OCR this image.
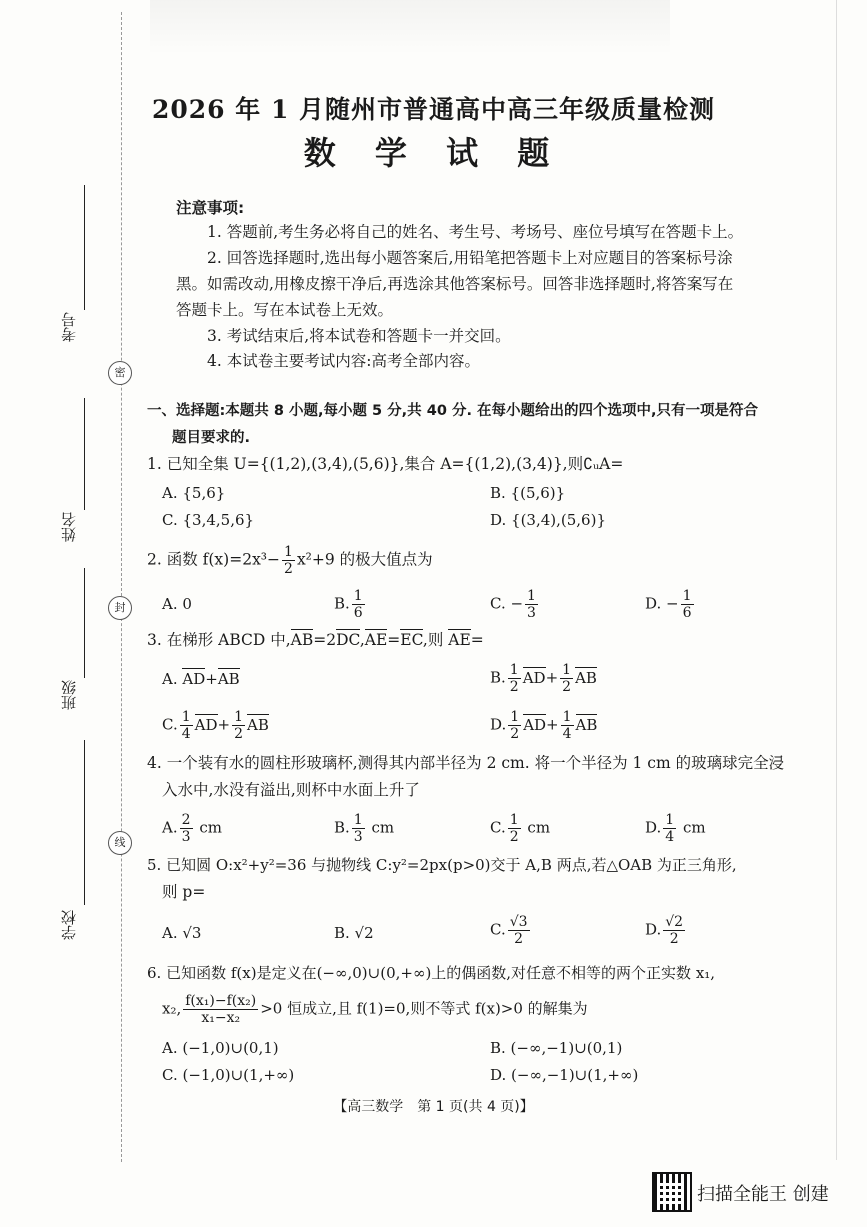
考号
姓名
班级
学校
密
封
线
2026 年 1 月随州市普通高中高三年级质量检测
数 学 试 题
注意事项:
1. 答题前,考生务必将自己的姓名、考生号、考场号、座位号填写在答题卡上。
2. 回答选择题时,选出每小题答案后,用铅笔把答题卡上对应题目的答案标号涂
黑。如需改动,用橡皮擦干净后,再选涂其他答案标号。回答非选择题时,将答案写在
答题卡上。写在本试卷上无效。
3. 考试结束后,将本试卷和答题卡一并交回。
4. 本试卷主要考试内容:高考全部内容。
一、选择题:本题共 8 小题,每小题 5 分,共 40 分. 在每小题给出的四个选项中,只有一项是符合
题目要求的.
1. 已知全集 U={(1,2),(3,4),(5,6)},集合 A={(1,2),(3,4)},则∁ᵤA=
A. {5,6}	B. {(5,6)}
C. {3,4,5,6}	D. {(3,4),(5,6)}
2. 函数 $f(x)=2x^3- \frac{1}{2} x^2+9$ 的极大值点为
A. 0	B. $\frac{1}{6}$	C. − $\frac{1}{3}$	D. − $\frac{1}{6}$
3. 在梯形 ABCD 中,AB=2DC,AE=EC,则 AE=
A. AD+AB	B. $\frac{1}{2} AD+ \frac{1}{2}$ AB
C. $\frac{1}{4} AD+ \frac{1}{2}$ AB	D. $\frac{1}{2} AD+ \frac{1}{4}$ AB
4. 一个装有水的圆柱形玻璃杯,测得其内部半径为 2 cm. 将一个半径为 1 cm 的玻璃球完全浸
入水中,水没有溢出,则杯中水面上升了
A. $\frac{2}{3}$ cm	B. $\frac{1}{3}$ cm	C. $\frac{1}{2}$ cm	D. $\frac{1}{4}$ cm
5. 已知圆 O:x²+y²=36 与抛物线 C:y²=2px(p>0)交于 A,B 两点,若△OAB 为正三角形,
则 p=
A. √3	B. √2	C. $\frac{√3}{2}$	D. $\frac{√2}{2}$
6. 已知函数 f(x)是定义在(−∞,0)∪(0,+∞)上的偶函数,对任意不相等的两个正实数 x₁,
x₂, $\frac{\text{f(x₁)−f(x₂)}}{\text{x₁−x₂}} >0$ 恒成立,且 f(1)=0,则不等式 f(x)>0 的解集为
A. (−1,0)∪(0,1)	B. (−∞,−1)∪(0,1)
C. (−1,0)∪(1,+∞)	D. (−∞,−1)∪(1,+∞)
【高三数学　第 1 页(共 4 页)】
扫描全能王 创建
